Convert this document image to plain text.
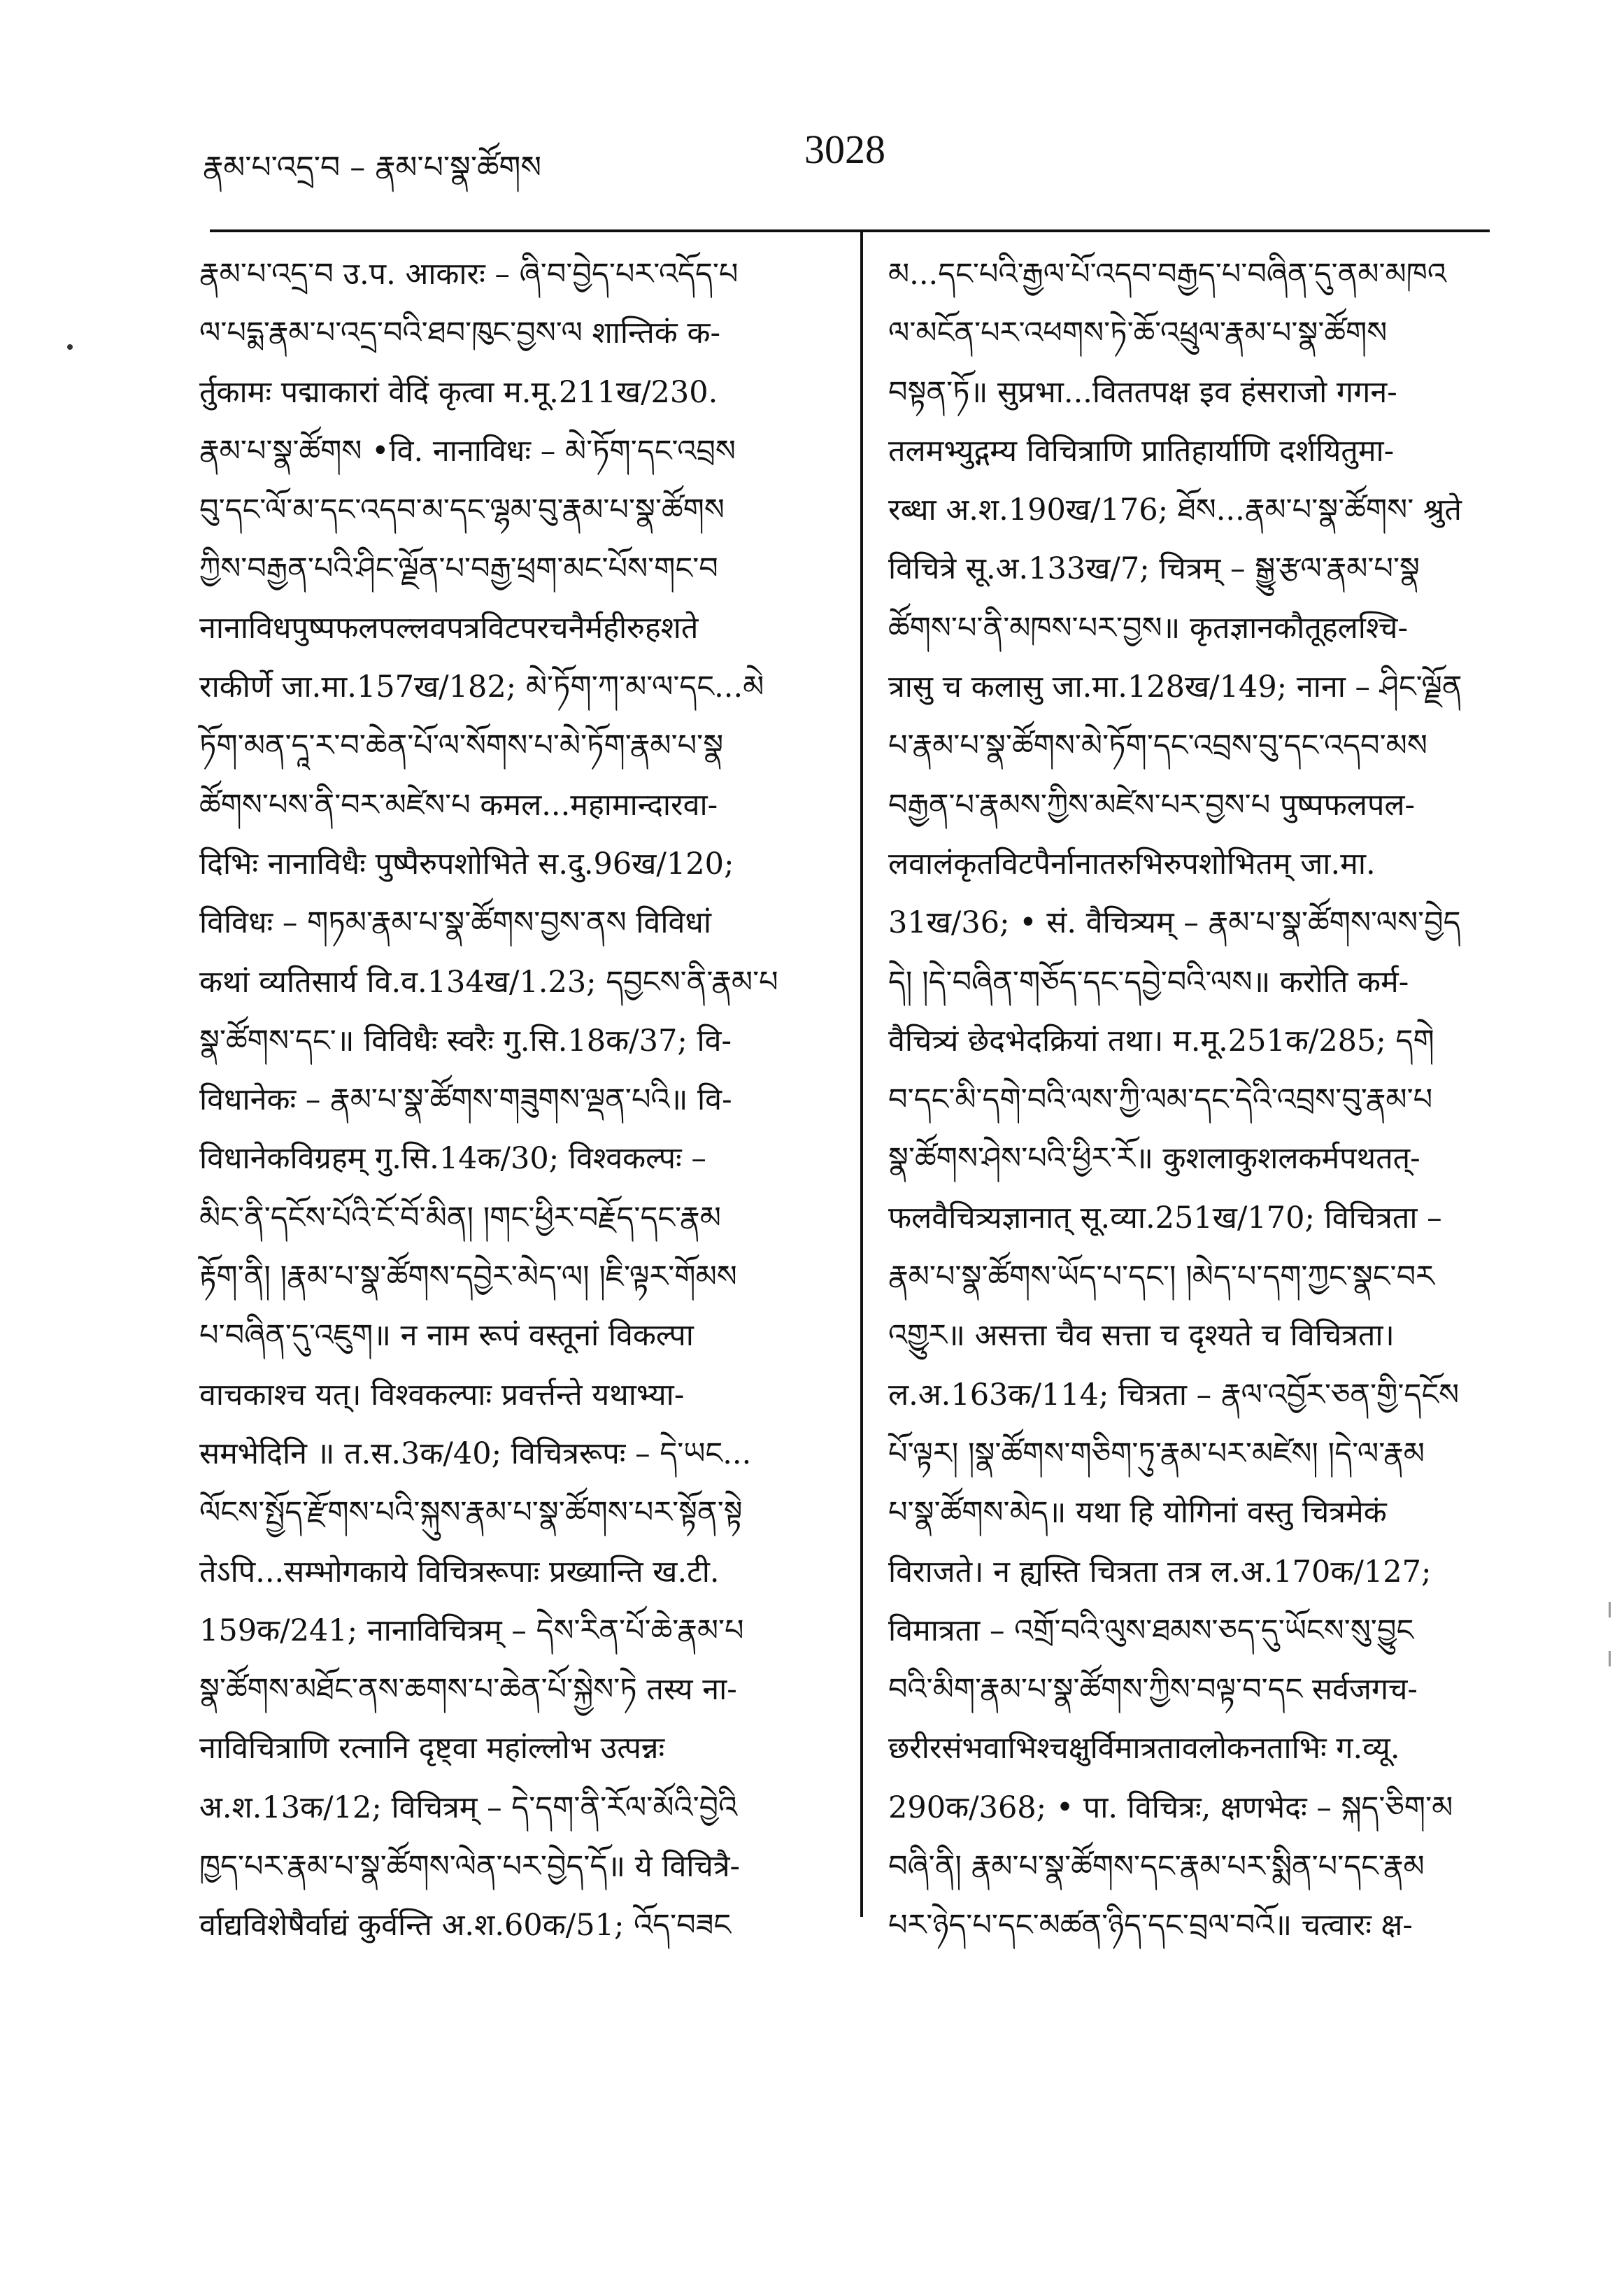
རྣམ་པ་འདྲ་བ – རྣམ་པ་སྣ་ཚོགས	3028
རྣམ་པ་འདྲ་བ उ.प. आकारः – ཞི་བ་བྱེད་པར་འདོད་པ
ལ་པདྨ་རྣམ་པ་འདྲ་བའི་ཐབ་ཁུང་བྱས་ལ शान्तिकं क-
र्तुकामः पद्माकारां वेदिं कृत्वा म.मू.211ख/230.
རྣམ་པ་སྣ་ཚོགས •वि. नानाविधः – མེ་ཏོག་དང་འབྲས
བུ་དང་ལོ་མ་དང་འདབ་མ་དང་ལྷམ་བུ་རྣམ་པ་སྣ་ཚོགས
ཀྱིས་བརྒྱན་པའི་ཤིང་ལྗོན་པ་བརྒྱ་ཕྲག་མང་པོས་གང་བ
नानाविधपुष्पफलपल्लवपत्रविटपरचनैर्महीरुहशते
राकीर्णे जा.मा.157ख/182; མེ་ཏོག་ཀ་མ་ལ་དང...མེ
ཏོག་མན་དཱ་ར་བ་ཆེན་པོ་ལ་སོགས་པ་མེ་ཏོག་རྣམ་པ་སྣ
ཚོགས་པས་ནི་བར་མཛེས་པ कमल...महामान्दारवा-
दिभिः नानाविधैः पुष्पैरुपशोभिते स.दु.96ख/120;
विविधः – གཏམ་རྣམ་པ་སྣ་ཚོགས་བྱས་ནས विविधां
कथां व्यतिसार्य वि.व.134ख/1.23; དབྱངས་ནི་རྣམ་པ
སྣ་ཚོགས་དང་॥ विविधैः स्वरैः गु.सि.18क/37; वि-
विधानेकः – རྣམ་པ་སྣ་ཚོགས་གཟུགས་ལྡན་པའི॥ वि-
विधानेकविग्रहम् गु.सि.14क/30; विश्वकल्पः –
མིང་ནི་དངོས་པོའི་ངོ་བོ་མིན། །གང་ཕྱིར་བརྗོད་དང་རྣམ
རྟོག་ནི། །རྣམ་པ་སྣ་ཚོགས་དབྱེར་མེད་ལ། །ཇི་ལྟར་གོམས
པ་བཞིན་དུ་འཇུག॥ न नाम रूपं वस्तूनां विकल्पा
वाचकाश्च यत्। विश्वकल्पाः प्रवर्त्तन्ते यथाभ्या-
समभेदिनि ॥ त.स.3क/40; विचित्ररूपः – དེ་ཡང...
ལོངས་སྤྱོད་རྫོགས་པའི་སྐུས་རྣམ་པ་སྣ་ཚོགས་པར་སྟོན་སྟེ
तेऽपि...सम्भोगकाये विचित्ररूपाः प्रख्यान्ति ख.टी.
159क/241; नानाविचित्रम् – དེས་རིན་པོ་ཆེ་རྣམ་པ
སྣ་ཚོགས་མཐོང་ནས་ཆགས་པ་ཆེན་པོ་སྐྱེས་ཏེ तस्य ना-
नाविचित्राणि रत्नानि दृष्ट्वा महांल्लोभ उत्पन्नः
अ.श.13क/12; विचित्रम् – དེ་དག་ནི་རོལ་མོའི་བྱེའི
ཁྱད་པར་རྣམ་པ་སྣ་ཚོགས་ལེན་པར་བྱེད་དོ॥ ये विचित्रै-
र्वाद्यविशेषैर्वाद्यं कुर्वन्ति अ.श.60क/51; འོད་བཟང
མ...དང་པའི་རྒྱལ་པོ་འདབ་བརྒྱད་པ་བཞིན་དུ་ནམ་མཁའ
ལ་མངོན་པར་འཕགས་ཏེ་ཆོ་འཕྲུལ་རྣམ་པ་སྣ་ཚོགས
བསྟན་ཏོ॥ सुप्रभा...विततपक्ष इव हंसराजो गगन-
तलमभ्युद्गम्य विचित्राणि प्रातिहार्याणि दर्शयितुमा-
रब्धा अ.श.190ख/176; ཐོས...རྣམ་པ་སྣ་ཚོགས་ श्रुते
विचित्रे सू.अ.133ख/7; चित्रम् – སྒྱུ་རྩལ་རྣམ་པ་སྣ
ཚོགས་པ་ནི་མཁས་པར་བྱས॥ कृतज्ञानकौतूहलश्चि-
त्रासु च कलासु जा.मा.128ख/149; नाना – ཤིང་ལྗོན
པ་རྣམ་པ་སྣ་ཚོགས་མེ་ཏོག་དང་འབྲས་བུ་དང་འདབ་མས
བརྒྱན་པ་རྣམས་ཀྱིས་མཛེས་པར་བྱས་པ पुष्पफलपल-
लवालंकृतविटपैर्नानातरुभिरुपशोभितम् जा.मा.
31ख/36; • सं. वैचित्र्यम् – རྣམ་པ་སྣ་ཚོགས་ལས་བྱེད
དེ། །དེ་བཞིན་གཅོད་དང་དབྱེ་བའི་ལས॥ करोति कर्म-
वैचित्र्यं छेदभेदक्रियां तथा। म.मू.251क/285; དགེ
བ་དང་མི་དགེ་བའི་ལས་ཀྱི་ལམ་དང་དེའི་འབྲས་བུ་རྣམ་པ
སྣ་ཚོགས་ཤེས་པའི་ཕྱིར་རོ॥ कुशलाकुशलकर्मपथतत्-
फलवैचित्र्यज्ञानात् सू.व्या.251ख/170; विचित्रता –
རྣམ་པ་སྣ་ཚོགས་ཡོད་པ་དང་། །མེད་པ་དག་ཀྱང་སྣང་བར
འགྱུར॥ असत्ता चैव सत्ता च दृश्यते च विचित्रता।
ल.अ.163क/114; चित्रता – རྣལ་འབྱོར་ཅན་གྱི་དངོས
པོ་ལྟར། །སྣ་ཚོགས་གཅིག་ཏུ་རྣམ་པར་མཛེས། །དེ་ལ་རྣམ
པ་སྣ་ཚོགས་མེད॥ यथा हि योगिनां वस्तु चित्रमेकं
विराजते। न ह्यस्ति चित्रता तत्र ल.अ.170क/127;
विमात्रता – འགྲོ་བའི་ལུས་ཐམས་ཅད་དུ་ཡོངས་སུ་བྱུང
བའི་མིག་རྣམ་པ་སྣ་ཚོགས་ཀྱིས་བལྟ་བ་དང सर्वजगच-
छरीरसंभवाभिश्चक्षुर्विमात्रतावलोकनताभिः ग.व्यू.
290क/368; • पा. विचित्रः, क्षणभेदः – སྐད་ཅིག་མ
བཞི་ནི། རྣམ་པ་སྣ་ཚོགས་དང་རྣམ་པར་སྨིན་པ་དང་རྣམ
པར་ཉེད་པ་དང་མཚན་ཉིད་དང་བྲལ་བའོ॥ चत्वारः क्ष-
